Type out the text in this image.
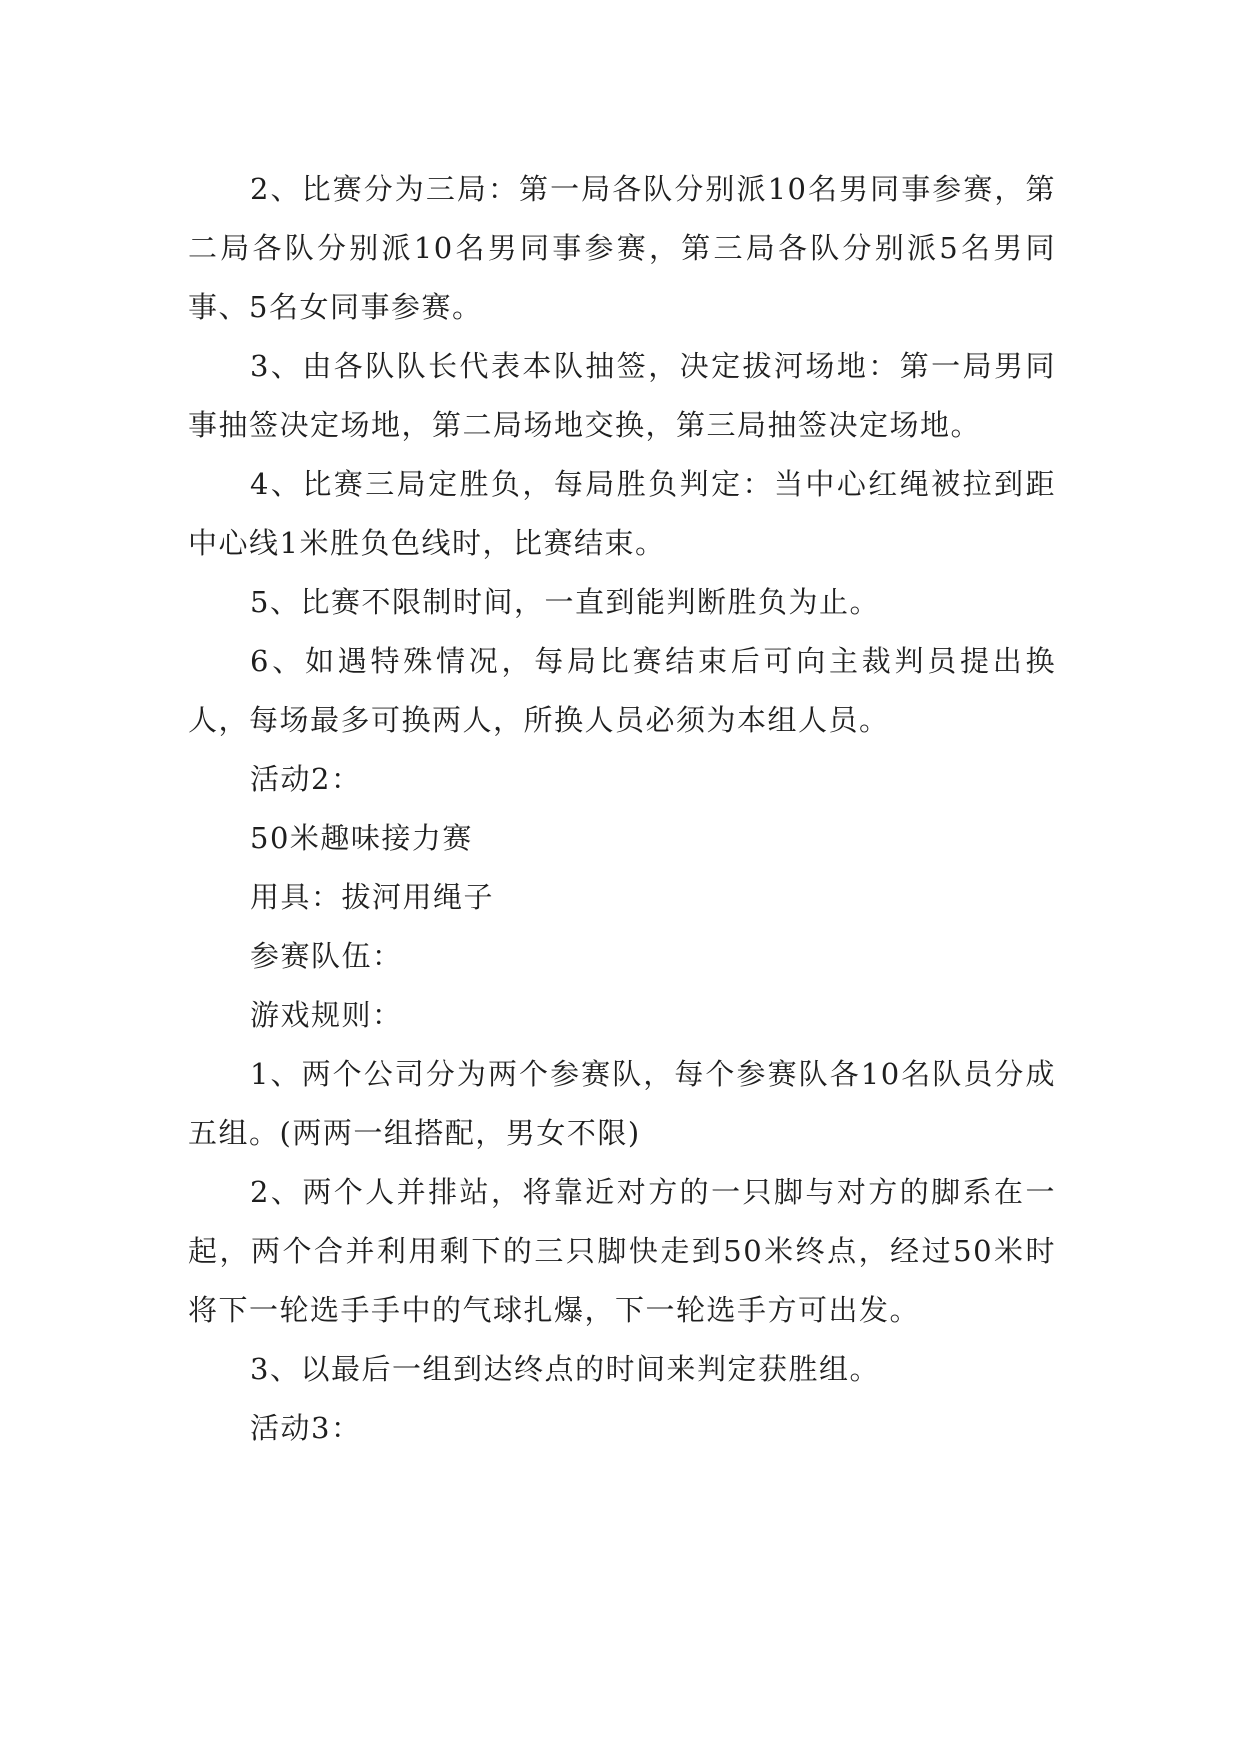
2、比赛分为三局：第一局各队分别派10名男同事参赛，第二局各队分别派10名男同事参赛，第三局各队分别派5名男同事、5名女同事参赛。

3、由各队队长代表本队抽签，决定拔河场地：第一局男同事抽签决定场地，第二局场地交换，第三局抽签决定场地。

4、比赛三局定胜负，每局胜负判定：当中心红绳被拉到距中心线1米胜负色线时，比赛结束。

5、比赛不限制时间，一直到能判断胜负为止。

6、如遇特殊情况，每局比赛结束后可向主裁判员提出换人，每场最多可换两人，所换人员必须为本组人员。

活动2：

50米趣味接力赛

用具：拔河用绳子

参赛队伍：

游戏规则：

1、两个公司分为两个参赛队，每个参赛队各10名队员分成五组。(两两一组搭配，男女不限)

2、两个人并排站，将靠近对方的一只脚与对方的脚系在一起，两个合并利用剩下的三只脚快走到50米终点，经过50米时将下一轮选手手中的气球扎爆，下一轮选手方可出发。

3、以最后一组到达终点的时间来判定获胜组。

活动3：
